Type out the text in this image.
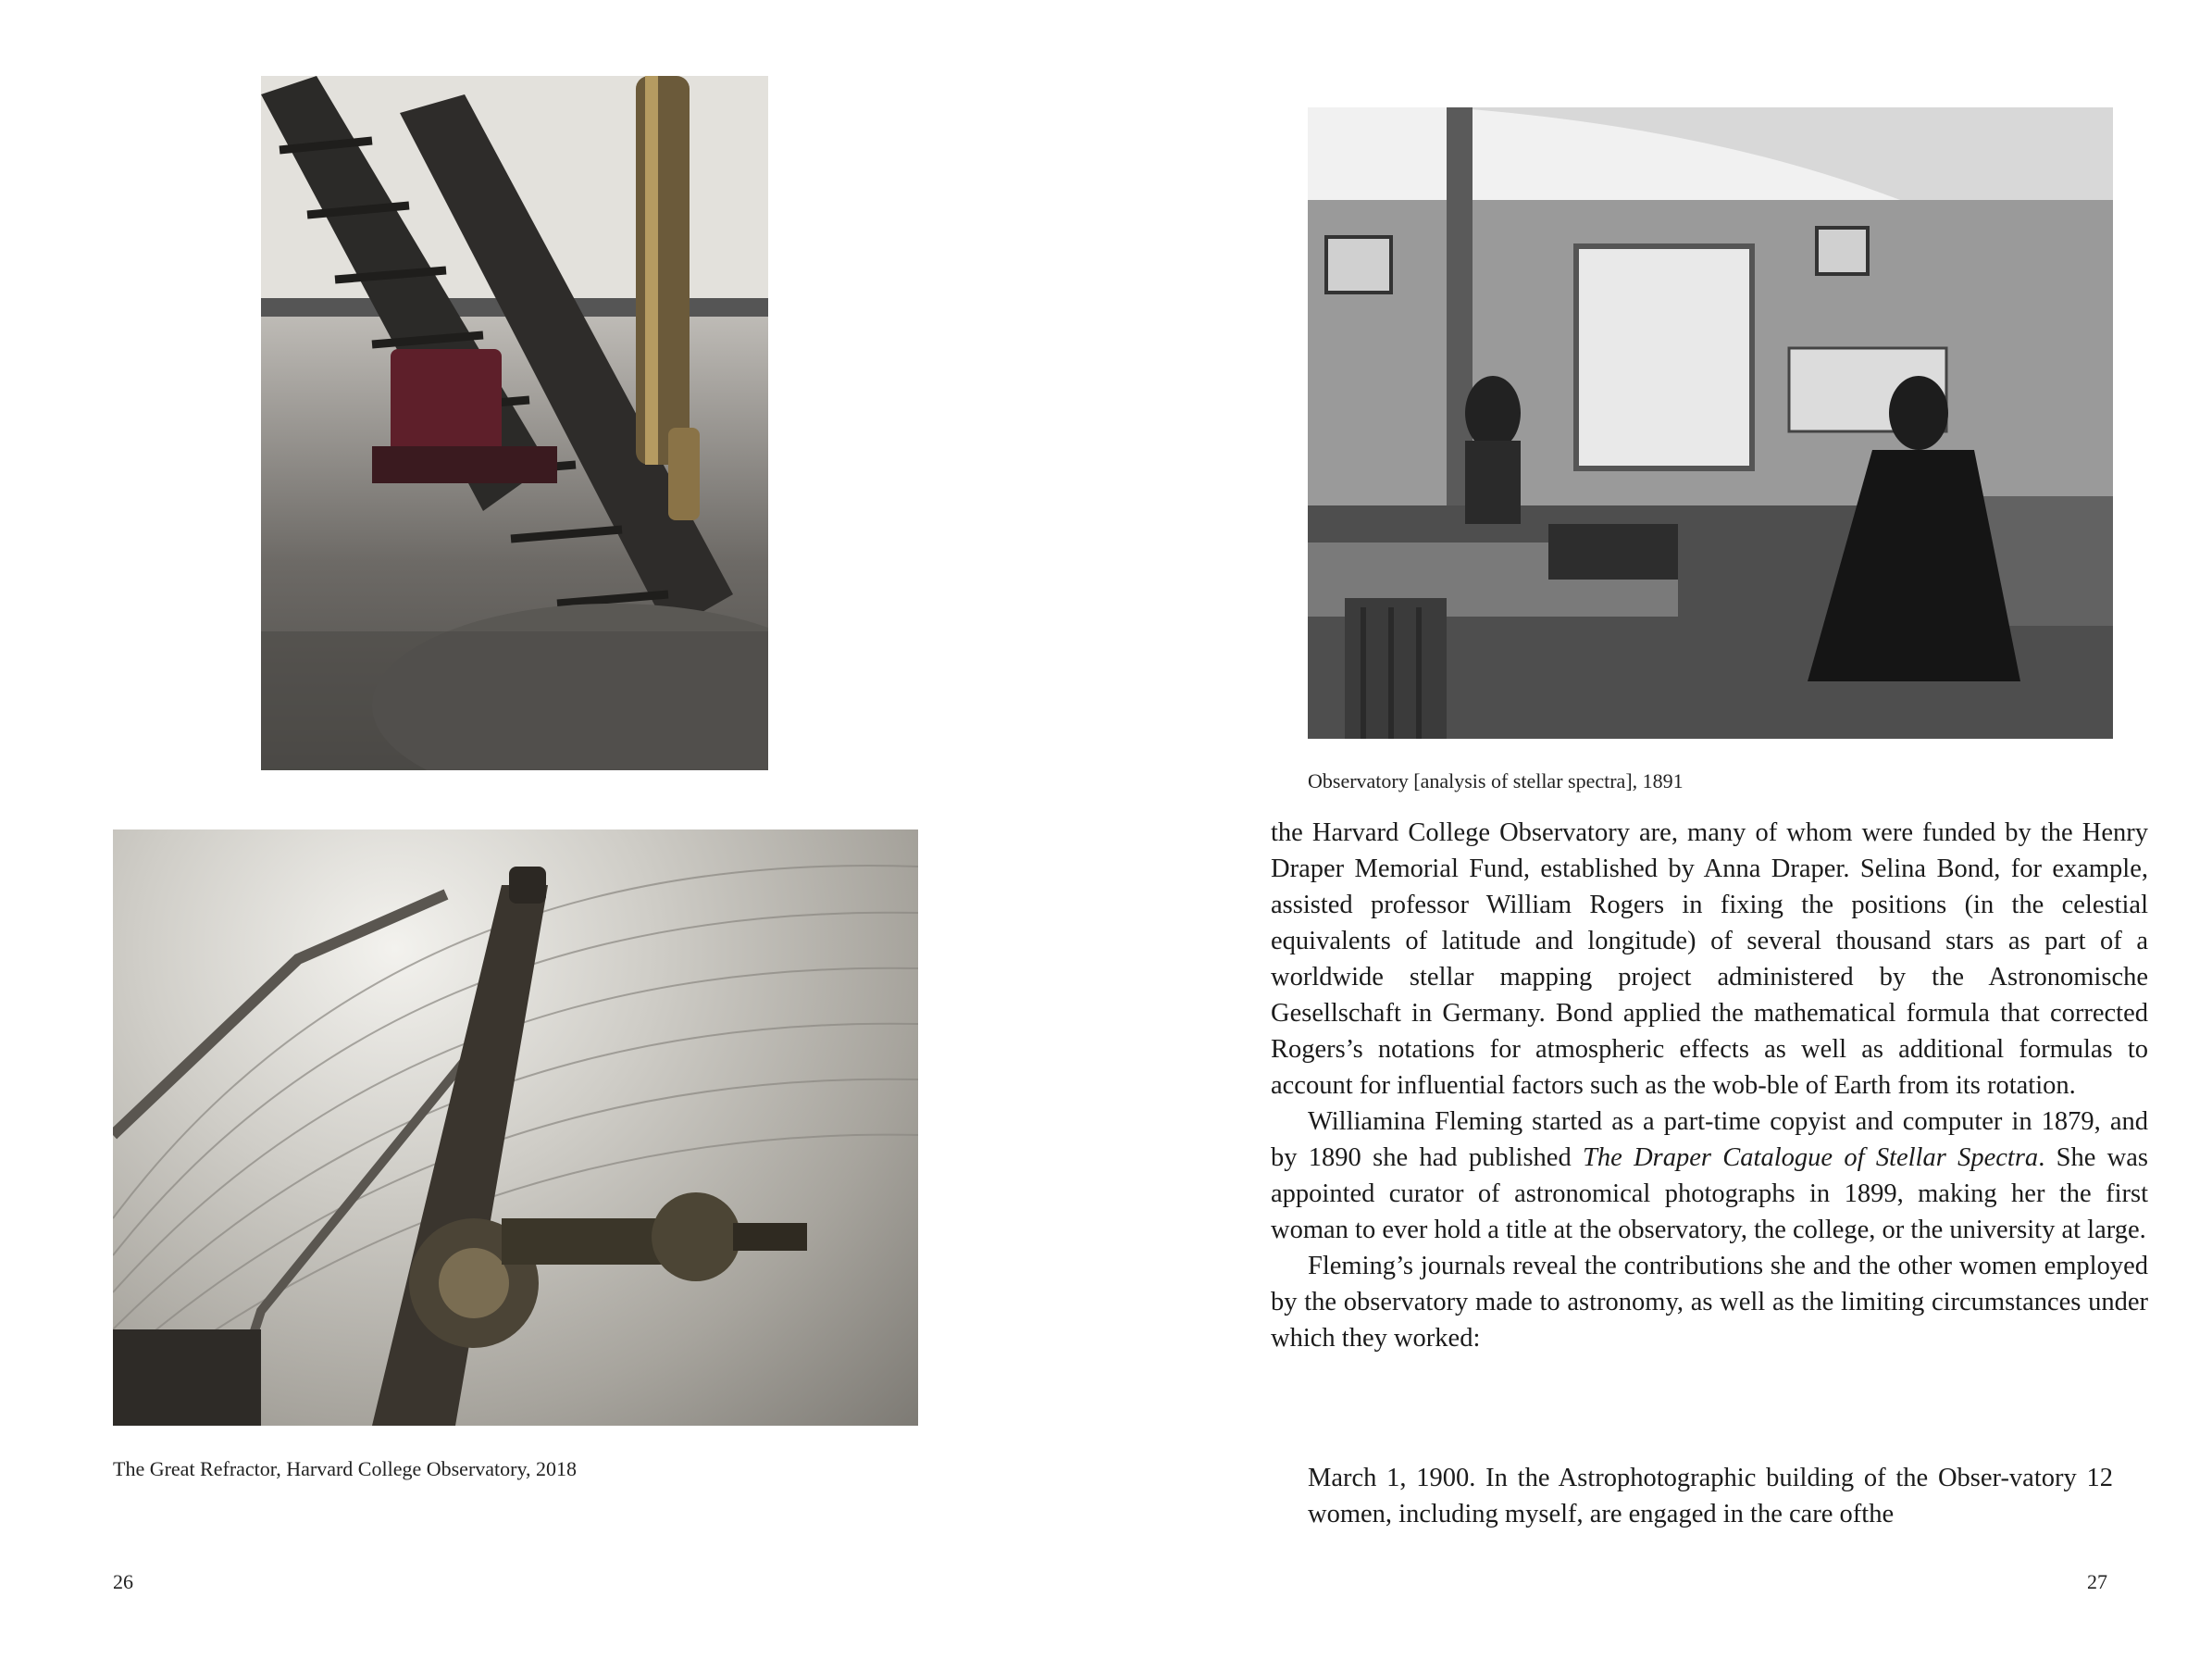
The Great Refractor, Harvard College Observatory, 2018
26
Observatory [analysis of stellar spectra], 1891

the Harvard College Observatory are, many of whom were funded by the Henry Draper Memorial Fund, established by Anna Draper. Selina Bond, for example, assisted professor William Rogers in fixing the positions (in the celestial equivalents of latitude and longitude) of several thousand stars as part of a worldwide stellar mapping project administered by the Astronomische Gesellschaft in Germany. Bond applied the mathematical formula that corrected Rogers’s notations for atmospheric effects as well as additional formulas to account for influential factors such as the wob-ble of Earth from its rotation.

Williamina Fleming started as a part-time copyist and computer in 1879, and by 1890 she had published The Draper Catalogue of Stellar Spectra. She was appointed curator of astronomical photographs in 1899, making her the first woman to ever hold a title at the observatory, the college, or the university at large.

Fleming’s journals reveal the contributions she and the other women employed by the observatory made to astronomy, as well as the limiting circumstances under which they worked:

March 1, 1900. In the Astrophotographic building of the Obser-vatory 12 women, including myself, are engaged in the care ofthe

27
